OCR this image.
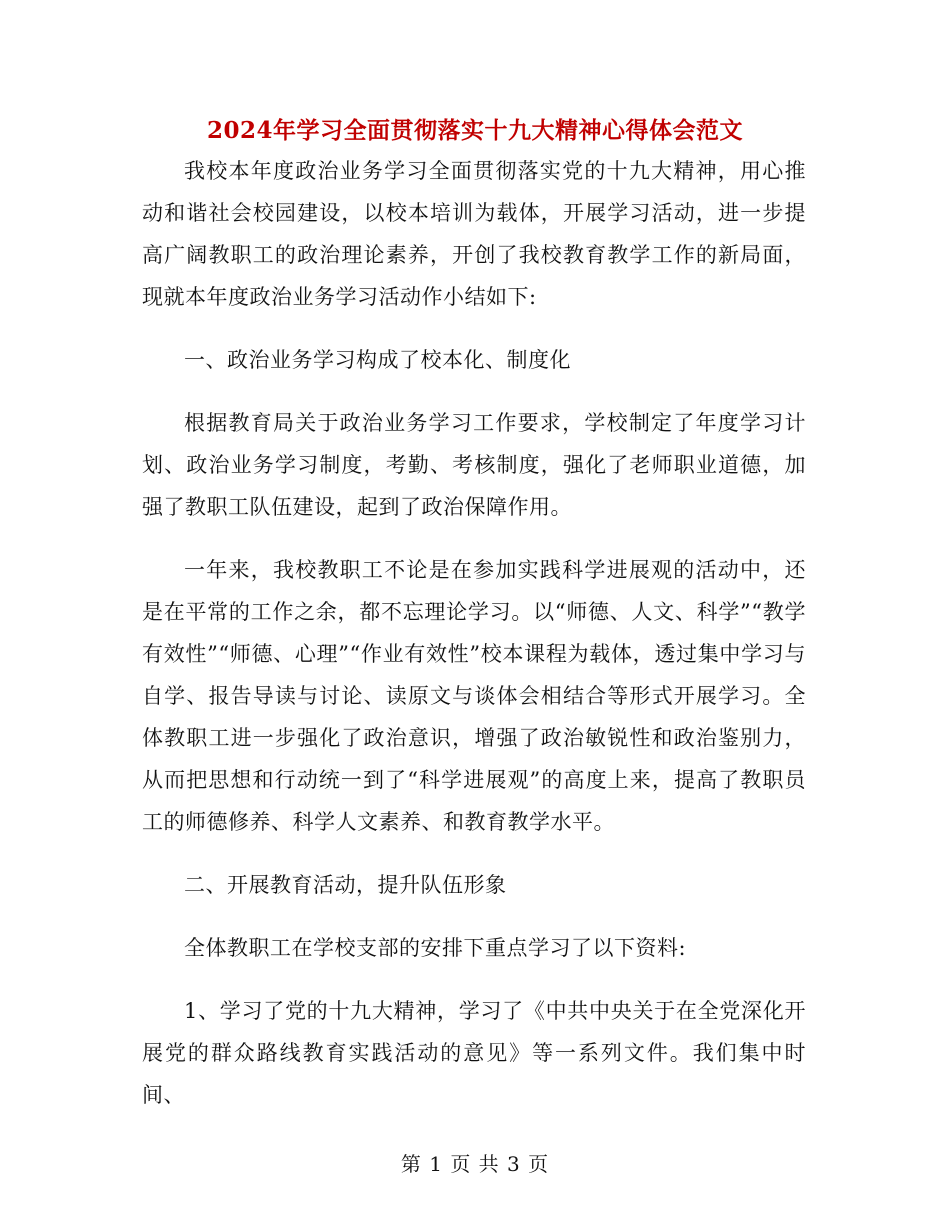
2024年学习全面贯彻落实十九大精神心得体会范文

我校本年度政治业务学习全面贯彻落实党的十九大精神，用心推动和谐社会校园建设，以校本培训为载体，开展学习活动，进一步提高广阔教职工的政治理论素养，开创了我校教育教学工作的新局面，现就本年度政治业务学习活动作小结如下:

一、政治业务学习构成了校本化、制度化

根据教育局关于政治业务学习工作要求，学校制定了年度学习计划、政治业务学习制度，考勤、考核制度，强化了老师职业道德，加强了教职工队伍建设，起到了政治保障作用。

一年来，我校教职工不论是在参加实践科学进展观的活动中，还是在平常的工作之余，都不忘理论学习。以“师德、人文、科学”“教学有效性”“师德、心理”“作业有效性”校本课程为载体，透过集中学习与自学、报告导读与讨论、读原文与谈体会相结合等形式开展学习。全体教职工进一步强化了政治意识，增强了政治敏锐性和政治鉴别力，从而把思想和行动统一到了“科学进展观”的高度上来，提高了教职员工的师德修养、科学人文素养、和教育教学水平。

二、开展教育活动，提升队伍形象

全体教职工在学校支部的安排下重点学习了以下资料:

1、学习了党的十九大精神，学习了《中共中央关于在全党深化开展党的群众路线教育实践活动的意见》等一系列文件。我们集中时间、

第 1 页 共 3 页
